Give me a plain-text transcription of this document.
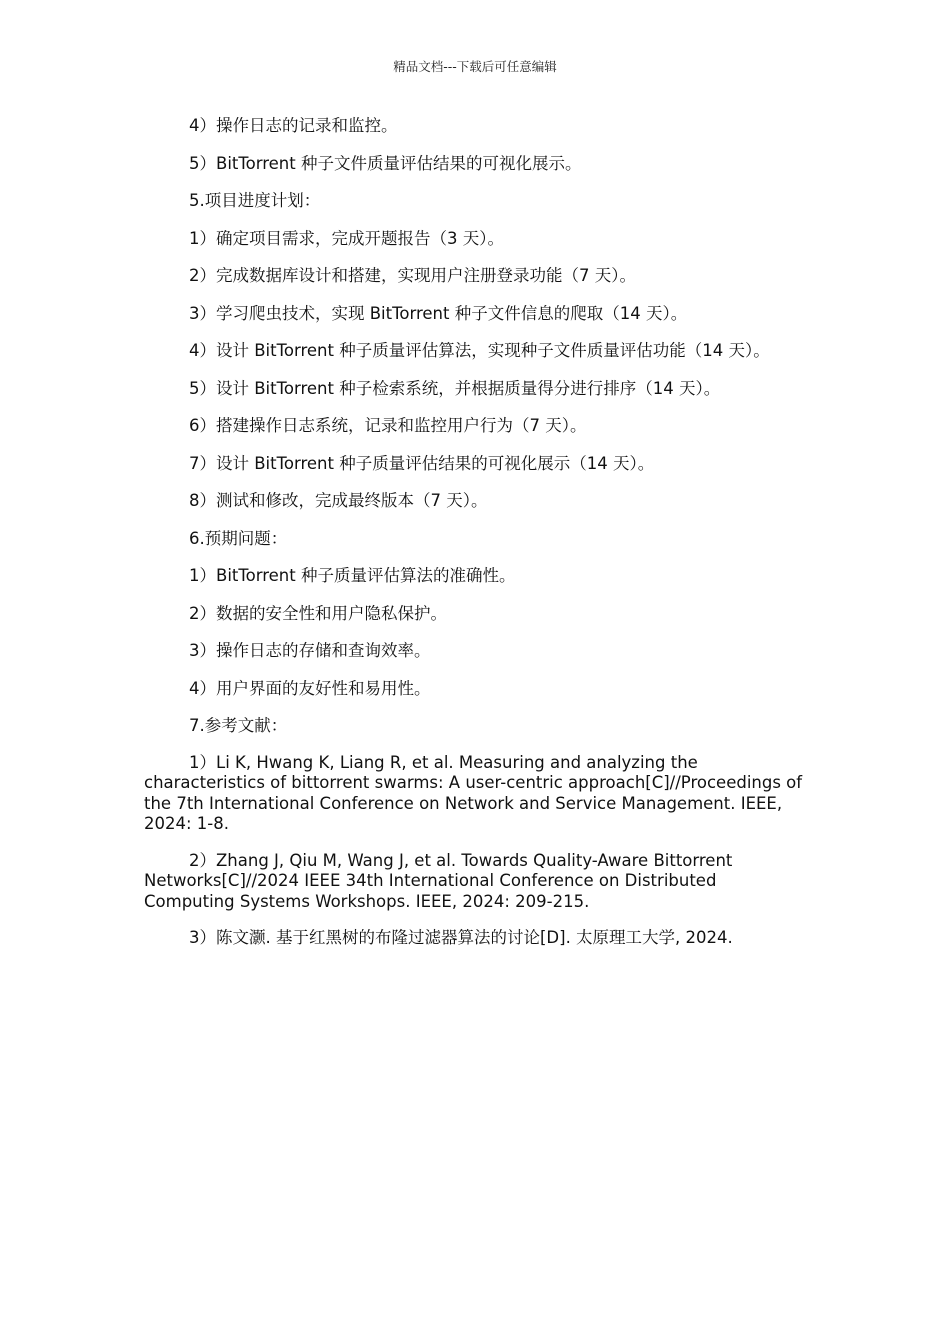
精品文档---下载后可任意编辑

4）操作日志的记录和监控。

5）BitTorrent 种子文件质量评估结果的可视化展示。

5.项目进度计划：

1）确定项目需求，完成开题报告（3 天）。

2）完成数据库设计和搭建，实现用户注册登录功能（7 天）。

3）学习爬虫技术，实现 BitTorrent 种子文件信息的爬取（14 天）。

4）设计 BitTorrent 种子质量评估算法，实现种子文件质量评估功能（14 天）。

5）设计 BitTorrent 种子检索系统，并根据质量得分进行排序（14 天）。

6）搭建操作日志系统，记录和监控用户行为（7 天）。

7）设计 BitTorrent 种子质量评估结果的可视化展示（14 天）。

8）测试和修改，完成最终版本（7 天）。

6.预期问题：

1）BitTorrent 种子质量评估算法的准确性。

2）数据的安全性和用户隐私保护。

3）操作日志的存储和查询效率。

4）用户界面的友好性和易用性。

7.参考文献：

1）Li K, Hwang K, Liang R, et al. Measuring and analyzing the characteristics of bittorrent swarms: A user-centric approach[C]//Proceedings of the 7th International Conference on Network and Service Management. IEEE, 2024: 1-8.

2）Zhang J, Qiu M, Wang J, et al. Towards Quality-Aware Bittorrent Networks[C]//2024 IEEE 34th International Conference on Distributed Computing Systems Workshops. IEEE, 2024: 209-215.

3）陈文灏. 基于红黑树的布隆过滤器算法的讨论[D]. 太原理工大学, 2024.
